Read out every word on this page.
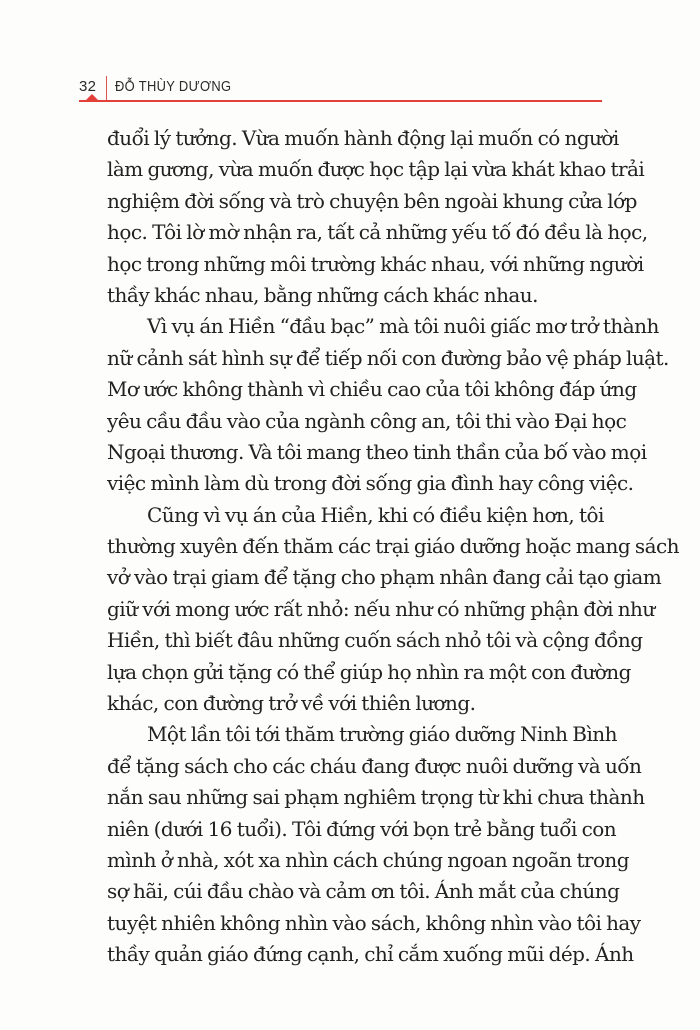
32 ĐỖ THÙY DƯƠNG
đuổi lý tưởng. Vừa muốn hành động lại muốn có người
làm gương, vừa muốn được học tập lại vừa khát khao trải
nghiệm đời sống và trò chuyện bên ngoài khung cửa lớp
học. Tôi lờ mờ nhận ra, tất cả những yếu tố đó đều là học,
học trong những môi trường khác nhau, với những người
thầy khác nhau, bằng những cách khác nhau.
Vì vụ án Hiền “đầu bạc” mà tôi nuôi giấc mơ trở thành
nữ cảnh sát hình sự để tiếp nối con đường bảo vệ pháp luật.
Mơ ước không thành vì chiều cao của tôi không đáp ứng
yêu cầu đầu vào của ngành công an, tôi thi vào Đại học
Ngoại thương. Và tôi mang theo tinh thần của bố vào mọi
việc mình làm dù trong đời sống gia đình hay công việc.
Cũng vì vụ án của Hiền, khi có điều kiện hơn, tôi
thường xuyên đến thăm các trại giáo dưỡng hoặc mang sách
vở vào trại giam để tặng cho phạm nhân đang cải tạo giam
giữ với mong ước rất nhỏ: nếu như có những phận đời như
Hiền, thì biết đâu những cuốn sách nhỏ tôi và cộng đồng
lựa chọn gửi tặng có thể giúp họ nhìn ra một con đường
khác, con đường trở về với thiên lương.
Một lần tôi tới thăm trường giáo dưỡng Ninh Bình
để tặng sách cho các cháu đang được nuôi dưỡng và uốn
nắn sau những sai phạm nghiêm trọng từ khi chưa thành
niên (dưới 16 tuổi). Tôi đứng với bọn trẻ bằng tuổi con
mình ở nhà, xót xa nhìn cách chúng ngoan ngoãn trong
sợ hãi, cúi đầu chào và cảm ơn tôi. Ánh mắt của chúng
tuyệt nhiên không nhìn vào sách, không nhìn vào tôi hay
thầy quản giáo đứng cạnh, chỉ cắm xuống mũi dép. Ánh
